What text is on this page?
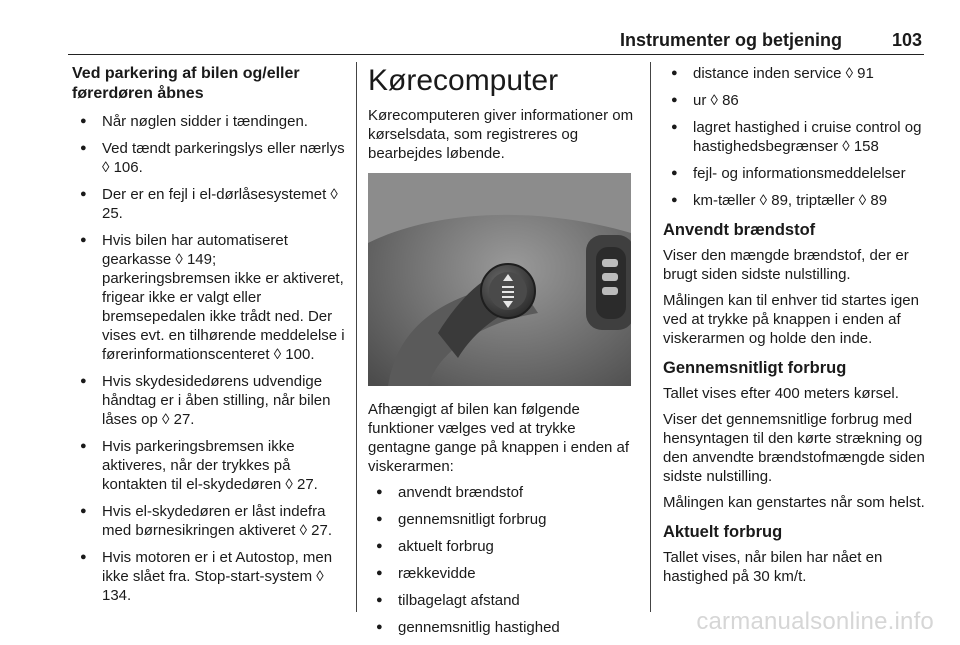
Instrumenter og betjening	103
Ved parkering af bilen og/eller førerdøren åbnes
● Når nøglen sidder i tændingen.
● Ved tændt parkeringslys eller nærlys ◊ 106.
● Der er en fejl i el-dørlåsesystemet ◊ 25.
● Hvis bilen har automatiseret gearkasse ◊ 149; parkeringsbremsen ikke er aktiveret, frigear ikke er valgt eller bremsepedalen ikke trådt ned. Der vises evt. en tilhørende meddelelse i førerinformationscenteret ◊ 100.
● Hvis skydesidedørens udvendige håndtag er i åben stilling, når bilen låses op ◊ 27.
● Hvis parkeringsbremsen ikke aktiveres, når der trykkes på kontakten til el-skydedøren ◊ 27.
● Hvis el-skydedøren er låst indefra med børnesikringen aktiveret ◊ 27.
● Hvis motoren er i et Autostop, men ikke slået fra. Stop-start-system ◊ 134.
Kørecomputer
Kørecomputeren giver informationer om kørselsdata, som registreres og bearbejdes løbende.
Afhængigt af bilen kan følgende funktioner vælges ved at trykke gentagne gange på knappen i enden af viskerarmen:
● anvendt brændstof
● gennemsnitligt forbrug
● aktuelt forbrug
● rækkevidde
● tilbagelagt afstand
● gennemsnitlig hastighed
● distance inden service ◊ 91
● ur ◊ 86
● lagret hastighed i cruise control og hastighedsbegrænser ◊ 158
● fejl- og informationsmeddelelser
● km-tæller ◊ 89, triptæller ◊ 89
Anvendt brændstof
Viser den mængde brændstof, der er brugt siden sidste nulstilling.
Målingen kan til enhver tid startes igen ved at trykke på knappen i enden af viskerarmen og holde den inde.
Gennemsnitligt forbrug
Tallet vises efter 400 meters kørsel.
Viser det gennemsnitlige forbrug med hensyntagen til den kørte strækning og den anvendte brændstofmængde siden sidste nulstilling.
Målingen kan genstartes når som helst.
Aktuelt forbrug
Tallet vises, når bilen har nået en hastighed på 30 km/t.
carmanualsonline.info
